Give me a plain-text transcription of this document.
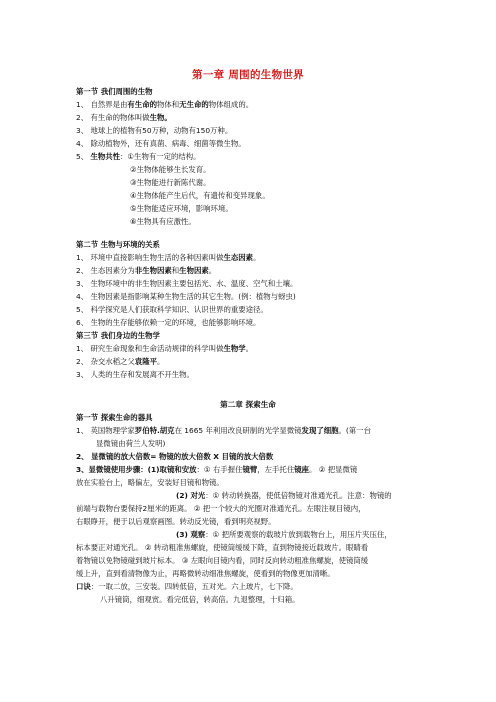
第一章 周围的生物世界
第一节 我们周围的生物
1、 自然界是由有生命的物体和无生命的物体组成的。
2、 有生命的物体叫做生物。
3、 地球上的植物有50万种，动物有150万种。
4、 除动植物外，还有真菌、病毒、细菌等微生物。
5、 生物共性：①生物有一定的结构。
②生物体能够生长发育。
③生物能进行新陈代谢。
④生物体能产生后代，有遗传和变异现象。
⑤生物能适应环境，影响环境。
⑥生物具有应激性。
第二节 生物与环境的关系
1、 环境中直接影响生物生活的各种因素叫做生态因素。
2、 生态因素分为非生物因素和生物因素。
3、 生物环境中的非生物因素主要包括光、水、温度、空气和土壤。
4、 生物因素是指影响某种生物生活的其它生物。(例：植物与蚜虫)
5、 科学探究是人们获取科学知识、认识世界的重要途径。
6、 生物的生存能够依赖一定的环境，也能够影响环境。
第三节 我们身边的生物学
1、 研究生命现象和生命活动规律的科学叫做生物学。
2、 杂交水稻之父袁隆平。
3、 人类的生存和发展离不开生物。
第二章 探索生命
第一节 探索生命的器具
1、 英国物理学家罗伯特.胡克在 1665 年利用改良研制的光学显微镜发现了细胞。(第一台
显微镜由荷兰人发明)
2、 显微镜的放大倍数= 物镜的放大倍数 X 目镜的放大倍数
3、显微镜使用步骤：(1)取镜和安放：① 右手握住镜臂，左手托住镜座。 ② 把显微镜
放在实验台上，略偏左，安装好目镜和物镜。
(2) 对光：① 转动转换器，使低倍物镜对准通光孔。注意：物镜的
前端与载物台要保持2厘米的距离。 ② 把一个较大的光圈对准通光孔。左眼注视目镜内，
右眼睁开，便于以后观察画图。转动反光镜，看到明亮视野。
(3) 观察：① 把所要观察的载玻片放到载物台上，用压片夹压住，
标本要正对通光孔。 ② 转动粗准焦螺旋，使镜筒缓缓下降，直到物镜接近载玻片。眼睛看
着物镜以免物镜碰到玻片标本。 ③ 左眼向目镜内看，同时反向转动粗准焦螺旋，使镜筒缓
缓上升，直到看清物像为止，再略微转动细准焦螺旋，使看到的物像更加清晰。
口诀：一取二放，三安装。四转低倍，五对光。六上玻片，七下降。
八升镜筒，细观赏。看完低倍，转高倍。九退整理，十归箱。
